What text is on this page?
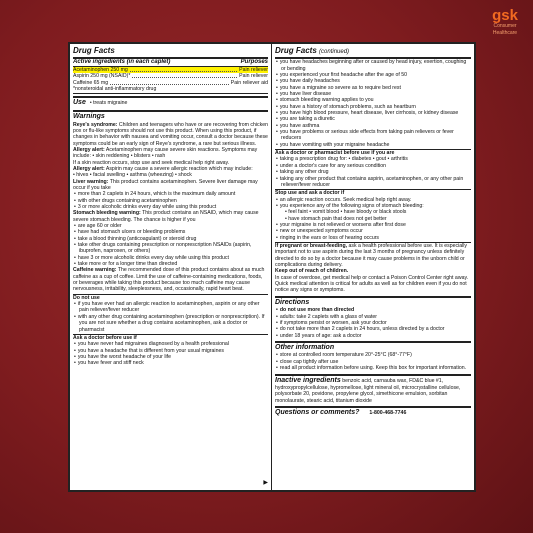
gsk
Consumer
Healthcare
Drug Facts
Active ingredients (in each caplet)	Purposes
Acetaminophen 250 mg	Pain reliever
Aspirin 250 mg (NSAID)*	Pain reliever
Caffeine 65 mg	Pain reliever aid
*nonsteroidal anti-inflammatory drug
Use • treats migraine
Warnings

Reye's syndrome: Children and teenagers who have or are recovering from chicken pox or flu-like symptoms should not use this product. When using this product, if changes in behavior with nausea and vomiting occur, consult a doctor because these symptoms could be an early sign of Reye's syndrome, a rare but serious illness.

Allergy alert: Acetaminophen may cause severe skin reactions. Symptoms may include: • skin reddening • blisters • rash

If a skin reaction occurs, stop use and seek medical help right away.

Allergy alert: Aspirin may cause a severe allergic reaction which may include:

• hives • facial swelling • asthma (wheezing) • shock

Liver warning: This product contains acetaminophen. Severe liver damage may occur if you take

• more than 2 caplets in 24 hours, which is the maximum daily amount
• with other drugs containing acetaminophen
• 3 or more alcoholic drinks every day while using this product

Stomach bleeding warning: This product contains an NSAID, which may cause severe stomach bleeding. The chance is higher if you

• are age 60 or older
• have had stomach ulcers or bleeding problems
• take a blood thinning (anticoagulant) or steroid drug
• take other drugs containing prescription or nonprescription NSAIDs (aspirin, ibuprofen, naproxen, or others)
• have 3 or more alcoholic drinks every day while using this product
• take more or for a longer time than directed

Caffeine warning: The recommended dose of this product contains about as much caffeine as a cup of coffee. Limit the use of caffeine-containing medications, foods, or beverages while taking this product because too much caffeine may cause nervousness, irritability, sleeplessness, and, occasionally, rapid heart beat.

Do not use
• if you have ever had an allergic reaction to acetaminophen, aspirin or any other pain reliever/fever reducer
• with any other drug containing acetaminophen (prescription or nonprescription). If you are not sure whether a drug contains acetaminophen, ask a doctor or pharmacist
Ask a doctor before use if
• you have never had migraines diagnosed by a health professional
• you have a headache that is different from your usual migraines
• you have the worst headache of your life
• you have fever and stiff neck
▶
Drug Facts (continued)
• you have headaches beginning after or caused by head injury, exertion, coughing or bending
• you experienced your first headache after the age of 50
• you have daily headaches
• you have a migraine so severe as to require bed rest
• you have liver disease
• stomach bleeding warning applies to you
• you have a history of stomach problems, such as heartburn
• you have high blood pressure, heart disease, liver cirrhosis, or kidney disease
• you are taking a diuretic
• you have asthma
• you have problems or serious side effects from taking pain relievers or fever reducers
• you have vomiting with your migraine headache
Ask a doctor or pharmacist before use if you are
• taking a prescription drug for: • diabetes • gout • arthritis
• under a doctor's care for any serious condition
• taking any other drug
• taking any other product that contains aspirin, acetaminophen, or any other pain reliever/fever reducer
Stop use and ask a doctor if
• an allergic reaction occurs. Seek medical help right away.
• you experience any of the following signs of stomach bleeding:

• feel faint • vomit blood • have bloody or black stools

• have stomach pain that does not get better

• your migraine is not relieved or worsens after first dose
• new or unexpected symptoms occur
• ringing in the ears or loss of hearing occurs

If pregnant or breast-feeding, ask a health professional before use. It is especially important not to use aspirin during the last 3 months of pregnancy unless definitely directed to do so by a doctor because it may cause problems in the unborn child or complications during delivery.

Keep out of reach of children.

In case of overdose, get medical help or contact a Poison Control Center right away. Quick medical attention is critical for adults as well as for children even if you do not notice any signs or symptoms.

Directions
• do not use more than directed
• adults: take 2 caplets with a glass of water
• if symptoms persist or worsen, ask your doctor
• do not take more than 2 caplets in 24 hours, unless directed by a doctor
• under 18 years of age: ask a doctor
Other information
• store at controlled room temperature 20°-25°C (68°-77°F)
• close cap tightly after use
• read all product information before using. Keep this box for important information.

Inactive ingredients benzoic acid, carnauba wax, FD&C blue #1, hydroxypropylcellulose, hypromellose, light mineral oil, microcrystalline cellulose, polysorbate 20, povidone, propylene glycol, simethicone emulsion, sorbitan monolaurate, stearic acid, titanium dioxide

Questions or comments? 1-800-468-7746
